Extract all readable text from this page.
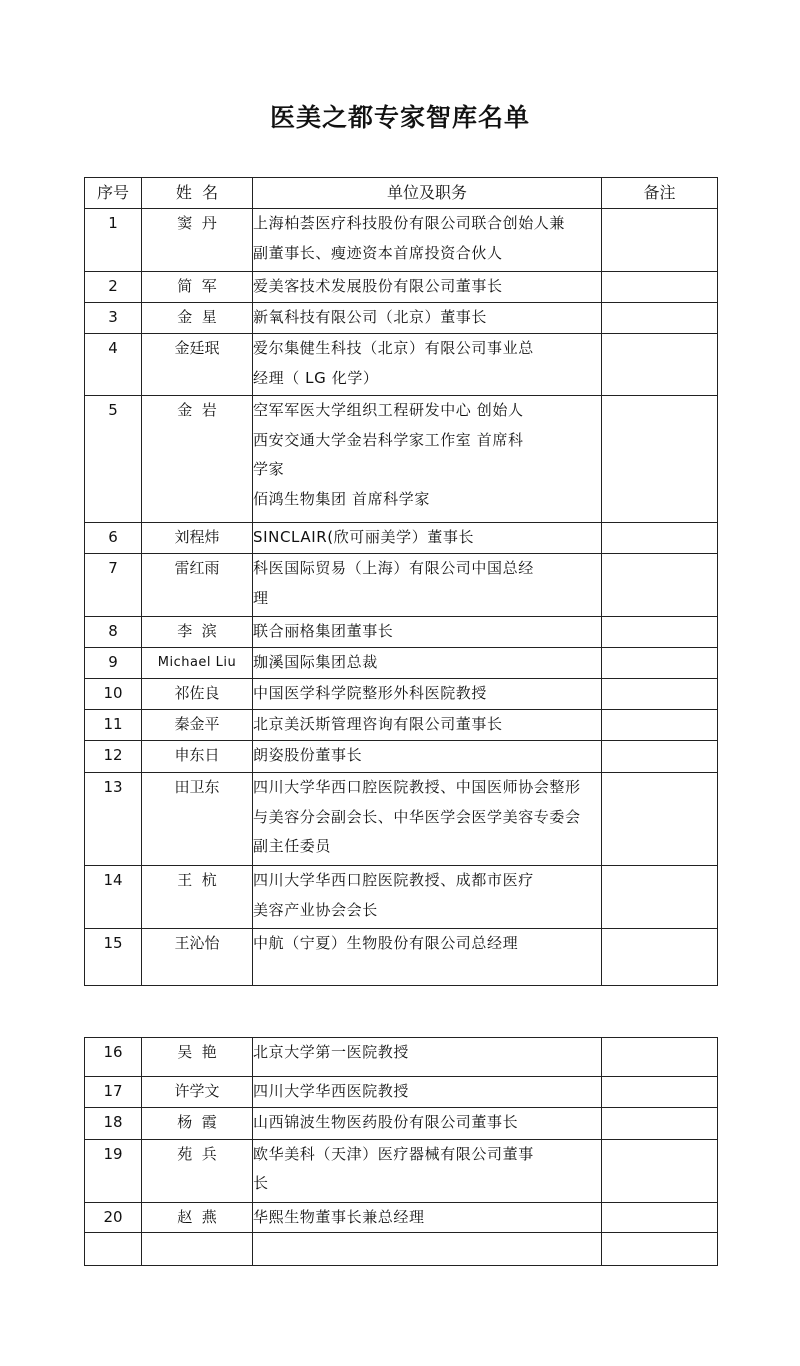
医美之都专家智库名单
序号	姓  名	单位及职务	备注
1	窦  丹	上海柏荟医疗科技股份有限公司联合创始人兼
副董事长、瘦迹资本首席投资合伙人	

2	简  军	爱美客技术发展股份有限公司董事长	

3	金  星	新氧科技有限公司（北京）董事长	

4	金廷珉	爱尔集健生科技（北京）有限公司事业总
经理（ LG 化学）	

5	金  岩	空军军医大学组织工程研发中心 创始人
西安交通大学金岩科学家工作室 首席科
学家
佰鸿生物集团 首席科学家	

6	刘程炜	SINCLAIR(欣可丽美学）董事长	

7	雷红雨	科医国际贸易（上海）有限公司中国总经
理	

8	李  滨	联合丽格集团董事长	

9	Michael Liu	珈溪国际集团总裁	

10	祁佐良	中国医学科学院整形外科医院教授	

11	秦金平	北京美沃斯管理咨询有限公司董事长	

12	申东日	朗姿股份董事长	

13	田卫东	四川大学华西口腔医院教授、中国医师协会整形
与美容分会副会长、中华医学会医学美容专委会
副主任委员	

14	王  杭	四川大学华西口腔医院教授、成都市医疗
美容产业协会会长	

15	王沁怡	中航（宁夏）生物股份有限公司总经理	

16	吴  艳	北京大学第一医院教授	

17	许学文	四川大学华西医院教授	

18	杨  霞	山西锦波生物医药股份有限公司董事长	

19	苑  兵	欧华美科（天津）医疗器械有限公司董事
长	

20	赵  燕	华熙生物董事长兼总经理	
